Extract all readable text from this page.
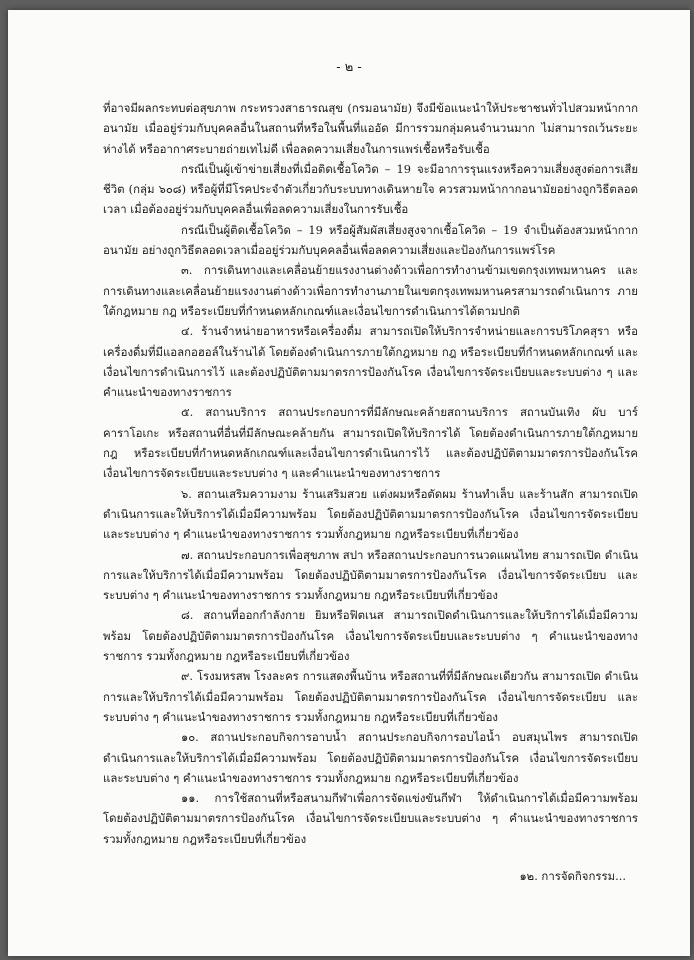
- ๒ -

ที่อาจมีผลกระทบต่อสุขภาพ กระทรวงสาธารณสุข (กรมอนามัย) จึงมีข้อแนะนำให้ประชาชนทั่วไปสวมหน้ากากอนามัย เมื่ออยู่ร่วมกับบุคคลอื่นในสถานที่หรือในพื้นที่แออัด มีการรวมกลุ่มคนจำนวนมาก ไม่สามารถเว้นระยะห่างได้ หรืออากาศระบายถ่ายเทไม่ดี เพื่อลดความเสี่ยงในการแพร่เชื้อหรือรับเชื้อ

กรณีเป็นผู้เข้าข่ายเสี่ยงที่เมื่อติดเชื้อโควิด – 19 จะมีอาการรุนแรงหรือความเสี่ยงสูงต่อการเสียชีวิต (กลุ่ม ๖๐๘) หรือผู้ที่มีโรคประจำตัวเกี่ยวกับระบบทางเดินหายใจ ควรสวมหน้ากากอนามัยอย่างถูกวิธีตลอดเวลา เมื่อต้องอยู่ร่วมกับบุคคลอื่นเพื่อลดความเสี่ยงในการรับเชื้อ

กรณีเป็นผู้ติดเชื้อโควิด – 19 หรือผู้สัมผัสเสี่ยงสูงจากเชื้อโควิด – 19 จำเป็นต้องสวมหน้ากากอนามัย อย่างถูกวิธีตลอดเวลาเมื่ออยู่ร่วมกับบุคคลอื่นเพื่อลดความเสี่ยงและป้องกันการแพร่โรค

๓. การเดินทางและเคลื่อนย้ายแรงงานต่างด้าวเพื่อการทำงานข้ามเขตกรุงเทพมหานคร และการเดินทางและเคลื่อนย้ายแรงงานต่างด้าวเพื่อการทำงานภายในเขตกรุงเทพมหานครสามารถดำเนินการ ภายใต้กฎหมาย กฎ หรือระเบียบที่กำหนดหลักเกณฑ์และเงื่อนไขการดำเนินการได้ตามปกติ

๔. ร้านจำหน่ายอาหารหรือเครื่องดื่ม สามารถเปิดให้บริการจำหน่ายและการบริโภคสุรา หรือเครื่องดื่มที่มีแอลกอฮอล์ในร้านได้ โดยต้องดำเนินการภายใต้กฎหมาย กฎ หรือระเบียบที่กำหนดหลักเกณฑ์ และเงื่อนไขการดำเนินการไว้ และต้องปฏิบัติตามมาตรการป้องกันโรค เงื่อนไขการจัดระเบียบและระบบต่าง ๆ และคำแนะนำของทางราชการ

๕. สถานบริการ สถานประกอบการที่มีลักษณะคล้ายสถานบริการ สถานบันเทิง ผับ บาร์ คาราโอเกะ หรือสถานที่อื่นที่มีลักษณะคล้ายกัน สามารถเปิดให้บริการได้ โดยต้องดำเนินการภายใต้กฎหมาย กฎ หรือระเบียบที่กำหนดหลักเกณฑ์และเงื่อนไขการดำเนินการไว้ และต้องปฏิบัติตามมาตรการป้องกันโรค เงื่อนไขการจัดระเบียบและระบบต่าง ๆ และคำแนะนำของทางราชการ

๖. สถานเสริมความงาม ร้านเสริมสวย แต่งผมหรือตัดผม ร้านทำเล็บ และร้านสัก สามารถเปิด ดำเนินการและให้บริการได้เมื่อมีความพร้อม โดยต้องปฏิบัติตามมาตรการป้องกันโรค เงื่อนไขการจัดระเบียบ และระบบต่าง ๆ คำแนะนำของทางราชการ รวมทั้งกฎหมาย กฎหรือระเบียบที่เกี่ยวข้อง

๗. สถานประกอบการเพื่อสุขภาพ สปา หรือสถานประกอบการนวดแผนไทย สามารถเปิด ดำเนินการและให้บริการได้เมื่อมีความพร้อม โดยต้องปฏิบัติตามมาตรการป้องกันโรค เงื่อนไขการจัดระเบียบ และระบบต่าง ๆ คำแนะนำของทางราชการ รวมทั้งกฎหมาย กฎหรือระเบียบที่เกี่ยวข้อง

๘. สถานที่ออกกำลังกาย ยิมหรือฟิตเนส สามารถเปิดดำเนินการและให้บริการได้เมื่อมีความพร้อม โดยต้องปฏิบัติตามมาตรการป้องกันโรค เงื่อนไขการจัดระเบียบและระบบต่าง ๆ คำแนะนำของทางราชการ รวมทั้งกฎหมาย กฎหรือระเบียบที่เกี่ยวข้อง

๙. โรงมหรสพ โรงละคร การแสดงพื้นบ้าน หรือสถานที่ที่มีลักษณะเดียวกัน สามารถเปิด ดำเนินการและให้บริการได้เมื่อมีความพร้อม โดยต้องปฏิบัติตามมาตรการป้องกันโรค เงื่อนไขการจัดระเบียบ และระบบต่าง ๆ คำแนะนำของทางราชการ รวมทั้งกฎหมาย กฎหรือระเบียบที่เกี่ยวข้อง

๑๐. สถานประกอบกิจการอาบน้ำ สถานประกอบกิจการอบไอน้ำ อบสมุนไพร สามารถเปิด ดำเนินการและให้บริการได้เมื่อมีความพร้อม โดยต้องปฏิบัติตามมาตรการป้องกันโรค เงื่อนไขการจัดระเบียบ และระบบต่าง ๆ คำแนะนำของทางราชการ รวมทั้งกฎหมาย กฎหรือระเบียบที่เกี่ยวข้อง

๑๑. การใช้สถานที่หรือสนามกีฬาเพื่อการจัดแข่งขันกีฬา ให้ดำเนินการได้เมื่อมีความพร้อม โดยต้องปฏิบัติตามมาตรการป้องกันโรค เงื่อนไขการจัดระเบียบและระบบต่าง ๆ คำแนะนำของทางราชการ รวมทั้งกฎหมาย กฎหรือระเบียบที่เกี่ยวข้อง

๑๒. การจัดกิจกรรม...
